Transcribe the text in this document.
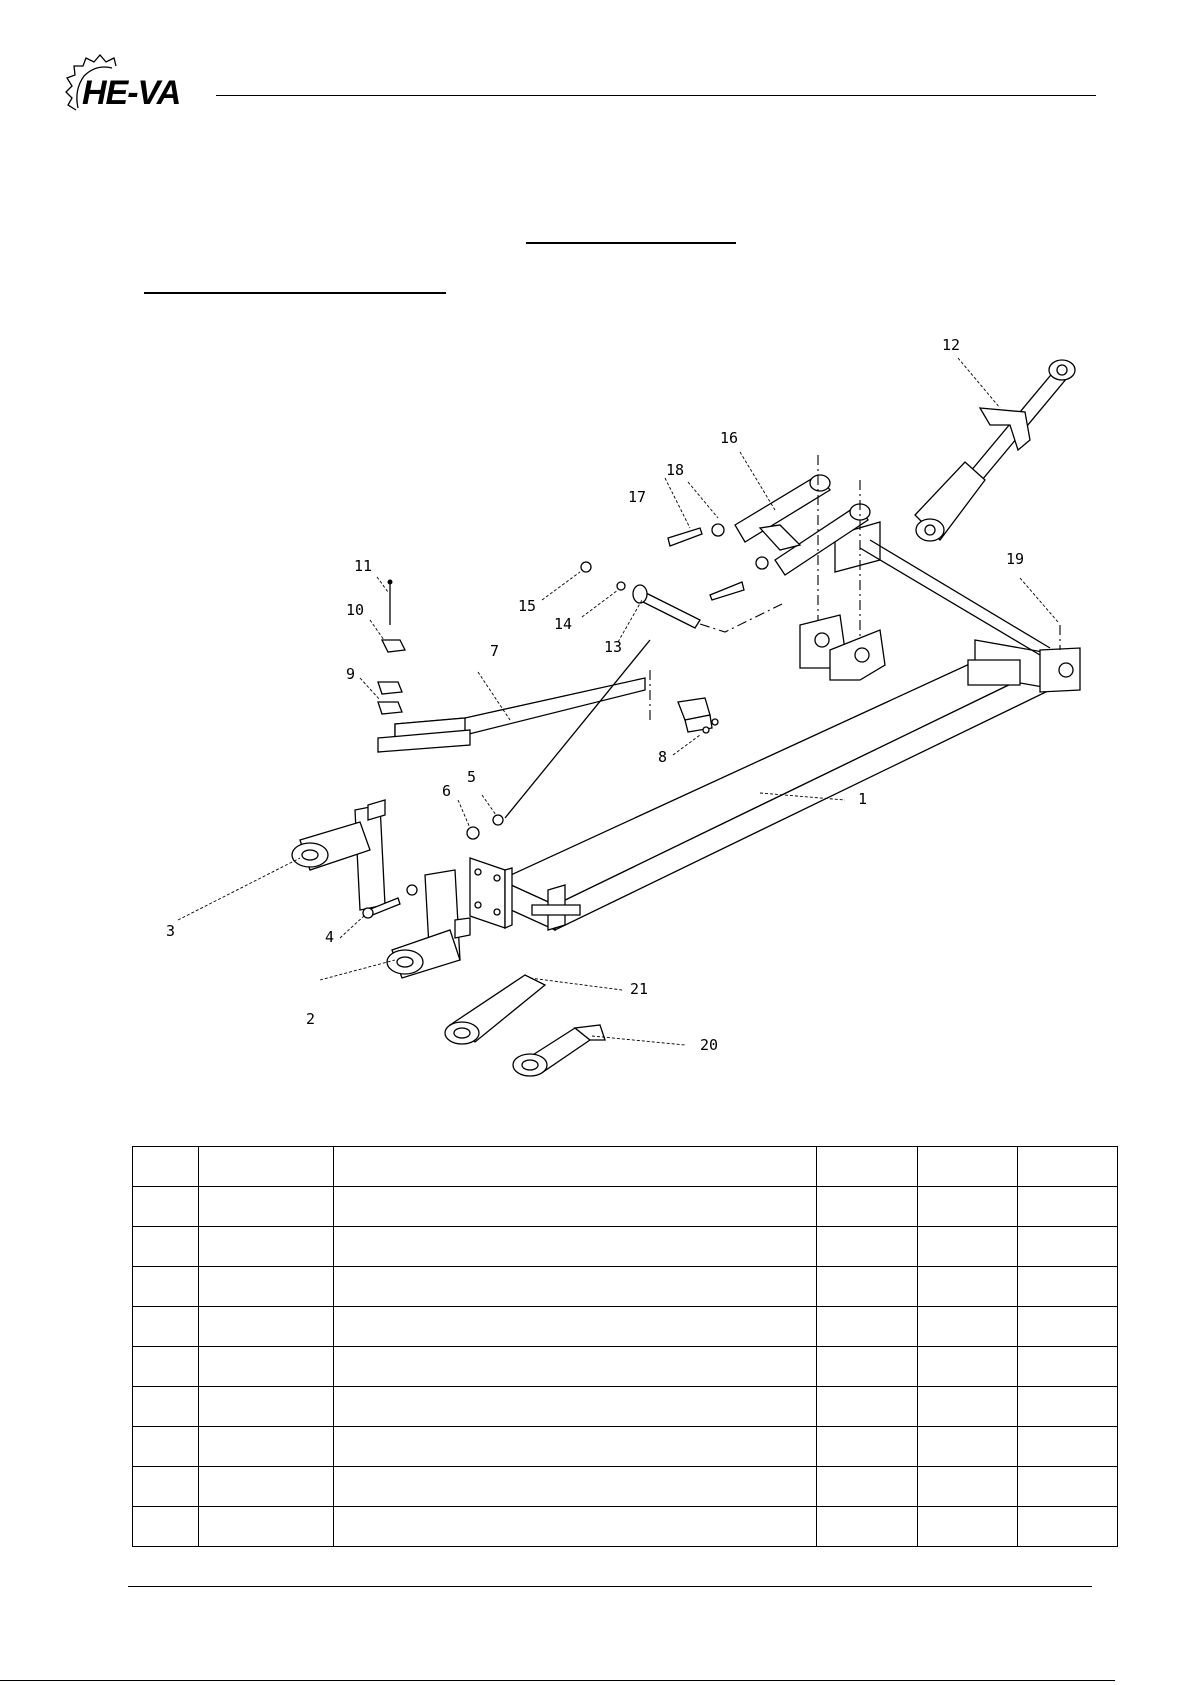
HE-VA
1
2
3	4
5
6
7
8
9
10
11
12
13
14
15
16
17
18
19
20
21
